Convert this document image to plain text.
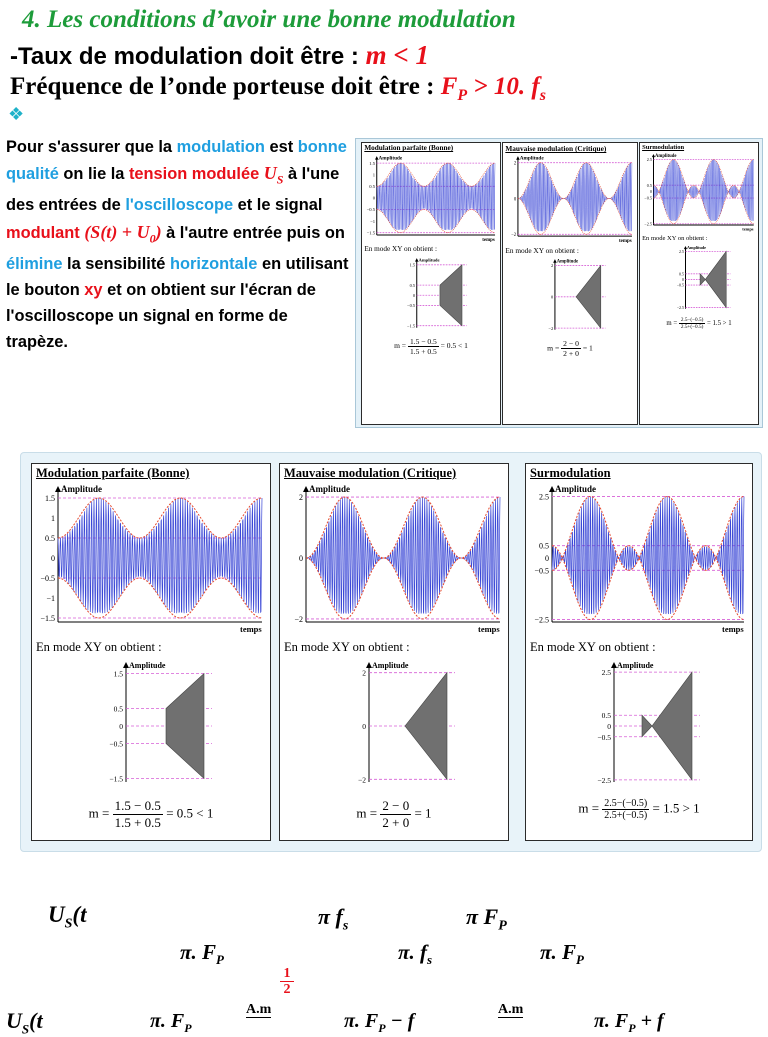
4. Les conditions d’avoir une bonne modulation
-Taux de modulation doit être : m < 1
Fréquence de l’onde porteuse doit être : $F_P > 10$. $f_s$
❖
Pour s'assurer que la modulation est bonne qualité on lie la tension modulée $U_S$ à l'une des entrées de l'oscilloscope et le signal modulant $(S(t) + U_0)$ à l'autre entrée puis on élimine la sensibilité horizontale en utilisant le bouton xy et on obtient sur l'écran de l'oscilloscope un signal en forme de trapèze.
Modulation parfaite (Bonne)
Amplitude
temps
1.5
1
0.5
0
−0.5
−1
−1.5
En mode XY on obtient :
Amplitude
1.5
0.5
0
−0.5
−1.5
$m = \frac{1.5 - 0.5}{1.5 + 0.5} = 0.5 < 1$
Mauvaise modulation (Critique)
Amplitude
temps
2
0
−2
En mode XY on obtient :
Amplitude
2
0
−2
$m = \frac{2 - 0}{2 + 0} = 1$
Surmodulation
Amplitude
temps
2.5
0.5
0
−0.5
−2.5
En mode XY on obtient :
Amplitude
2.5
0.5
0
−0.5
−2.5
$m = \frac{2.5-(-0.5)}{2.5+(-0.5)} = 1.5 > 1$
Modulation parfaite (Bonne)
Amplitude
temps
1.5
1
0.5
0
−0.5
−1
−1.5
En mode XY on obtient :
Amplitude
1.5
0.5
0
−0.5
−1.5
$m = \frac{1.5 - 0.5}{1.5 + 0.5} = 0.5 < 1$
Mauvaise modulation (Critique)
Amplitude
temps
2
0
−2
En mode XY on obtient :
Amplitude
2
0
−2
$m = \frac{2 - 0}{2 + 0} = 1$
Surmodulation
Amplitude
temps
2.5
0.5
0
−0.5
−2.5
En mode XY on obtient :
Amplitude
2.5
0.5
0
−0.5
−2.5
$m = \frac{2.5-(-0.5)}{2.5+(-0.5)} = 1.5 > 1$
$U_S(t$	π $f_s$	π $F_P$
π. $F_P$	π. $f_s$	π. $F_P$
1
2
$U_S(t$	π. $F_P$
A.m
π. $F_P - f$
A.m
π. $F_P + f$
